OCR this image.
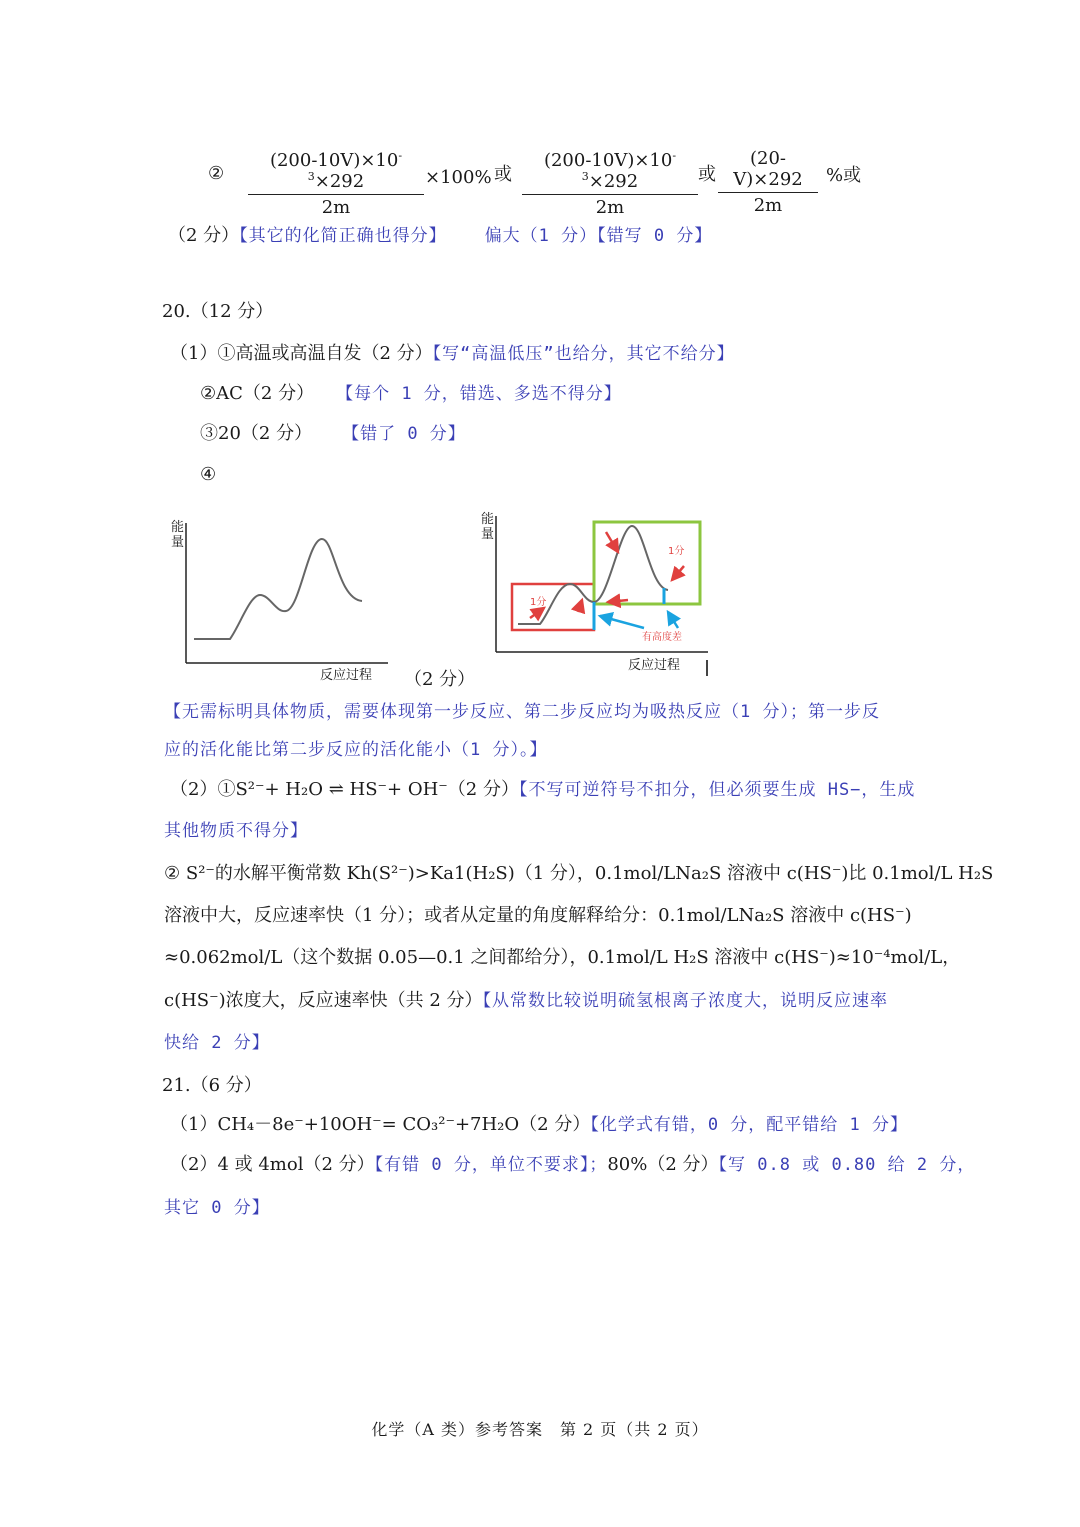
②
$(200-10V)\times 10^{-3}\times 292$
2m
×100% 或
$(200-10V)\times 10^{-3}\times 292$
2m
或
(20-V)×292
2m
%或
（2 分）【其它的化简正确也得分】 偏大（1 分）【错写 0 分】
20.（12 分）
（1）①高温或高温自发（2 分）【写“高温低压”也给分，其它不给分】
②AC（2 分） 【每个 1 分，错选、多选不得分】
③20（2 分） 【错了 0 分】
④
能量
反应过程 （2 分）
能量
反应过程
1分
1分
有高度差
【无需标明具体物质，需要体现第一步反应、第二步反应均为吸热反应（1 分）；第一步反
应的活化能比第二步反应的活化能小（1 分）。】
（2）①S²⁻+ H₂O ⇌ HS⁻+ OH⁻（2 分）【不写可逆符号不扣分，但必须要生成 HS−，生成
其他物质不得分】
② S²⁻的水解平衡常数 Kh(S²⁻)>Ka1(H₂S)（1 分），0.1mol/LNa₂S 溶液中 c(HS⁻)比 0.1mol/L H₂S
溶液中大，反应速率快（1 分）；或者从定量的角度解释给分：0.1mol/LNa₂S 溶液中 c(HS⁻)
≈0.062mol/L（这个数据 0.05—0.1 之间都给分），0.1mol/L H₂S 溶液中 c(HS⁻)≈10⁻⁴mol/L，
c(HS⁻)浓度大，反应速率快（共 2 分）【从常数比较说明硫氢根离子浓度大，说明反应速率
快给 2 分】
21.（6 分）
（1）CH₄－8e⁻+10OH⁻= CO₃²⁻+7H₂O（2 分）【化学式有错，0 分，配平错给 1 分】
（2）4 或 4mol（2 分）【有错 0 分，单位不要求】；80%（2 分）【写 0.8 或 0.80 给 2 分，
其它 0 分】
化学（A 类）参考答案　第 2 页（共 2 页）
